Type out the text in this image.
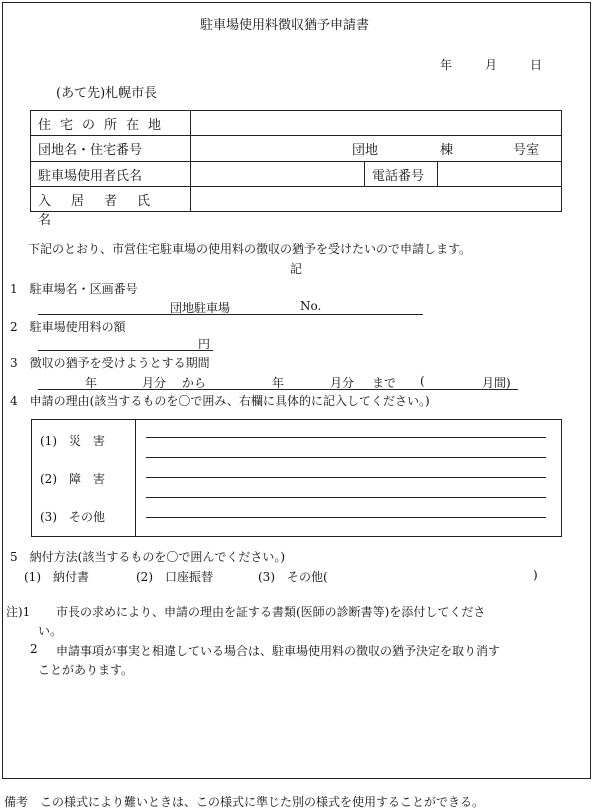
駐車場使用料徴収猶予申請書
年	月	日
(あて先)札幌市長
住宅の所在地
団地名・住宅番号	団地	棟	号室
駐車場使用者氏名	電話番号
入居者氏名
下記のとおり、市営住宅駐車場の使用料の徴収の猶予を受けたいので申請します。
記
1　駐車場名・区画番号
団地駐車場	No.
2　駐車場使用料の額
円
3　徴収の猶予を受けようとする期間
年	月分 から	年	月分 まで (	月間)
4　申請の理由(該当するものを〇で囲み、右欄に具体的に記入してください。)
(1)　災　害
(2)　障　害
(3)　その他
5　納付方法(該当するものを〇で囲んでください。)
(1)　納付書	(2)　口座振替	(3)　その他(	)
注)1 市長の求めにより、申請の理由を証する書類(医師の診断書等)を添付してくださ
い。
2 申請事項が事実と相違している場合は、駐車場使用料の徴収の猶予決定を取り消す
ことがあります。
備考　この様式により難いときは、この様式に準じた別の様式を使用することができる。
